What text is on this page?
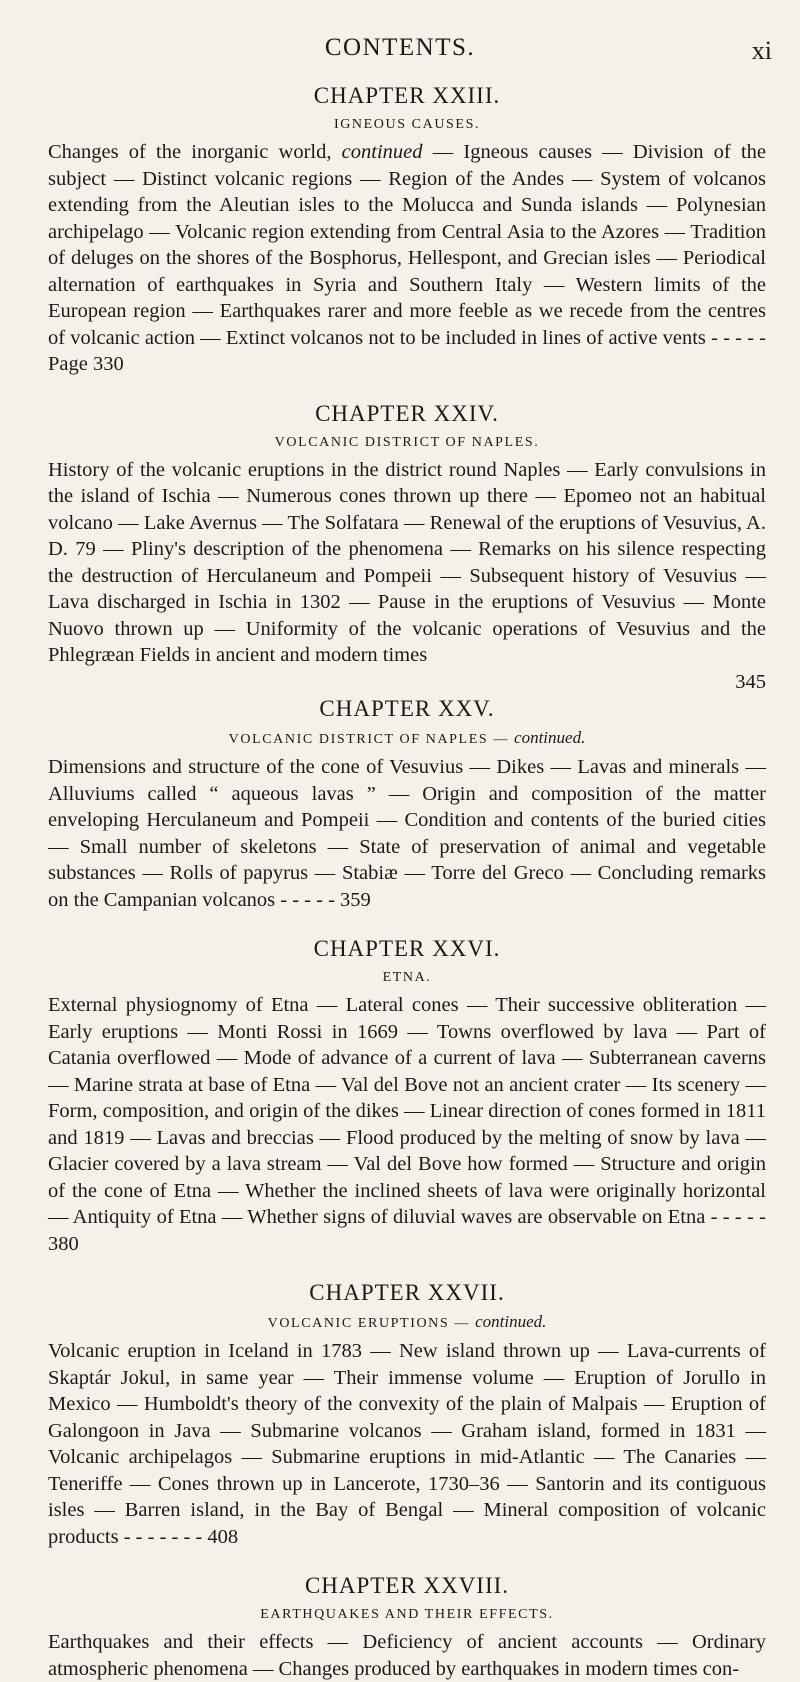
CONTENTS.	xi
CHAPTER XXIII.
IGNEOUS CAUSES.

Changes of the inorganic world, continued — Igneous causes — Division of the subject — Distinct volcanic regions — Region of the Andes — System of volcanos extending from the Aleutian isles to the Molucca and Sunda islands — Polynesian archipelago — Volcanic region extending from Central Asia to the Azores — Tradition of deluges on the shores of the Bosphorus, Hellespont, and Grecian isles — Periodical alternation of earthquakes in Syria and Southern Italy — Western limits of the European region — Earthquakes rarer and more feeble as we recede from the centres of volcanic action — Extinct volcanos not to be included in lines of active vents - - - - - Page 330

CHAPTER XXIV.
VOLCANIC DISTRICT OF NAPLES.

History of the volcanic eruptions in the district round Naples — Early convulsions in the island of Ischia — Numerous cones thrown up there — Epomeo not an habitual volcano — Lake Avernus — The Solfatara — Renewal of the eruptions of Vesuvius, A. D. 79 — Pliny's description of the phenomena — Remarks on his silence respecting the destruction of Herculaneum and Pompeii — Subsequent history of Vesuvius — Lava discharged in Ischia in 1302 — Pause in the eruptions of Vesuvius — Monte Nuovo thrown up — Uniformity of the volcanic operations of Vesuvius and the Phlegræan Fields in ancient and modern times
345

CHAPTER XXV.
VOLCANIC DISTRICT OF NAPLES — continued.

Dimensions and structure of the cone of Vesuvius — Dikes — Lavas and minerals — Alluviums called “ aqueous lavas ” — Origin and composition of the matter enveloping Herculaneum and Pompeii — Condition and contents of the buried cities — Small number of skeletons — State of preservation of animal and vegetable substances — Rolls of papyrus — Stabiæ — Torre del Greco — Concluding remarks on the Campanian volcanos - - - - - 359

CHAPTER XXVI.
ETNA.

External physiognomy of Etna — Lateral cones — Their successive obliteration — Early eruptions — Monti Rossi in 1669 — Towns overflowed by lava — Part of Catania overflowed — Mode of advance of a current of lava — Subterranean caverns — Marine strata at base of Etna — Val del Bove not an ancient crater — Its scenery — Form, composition, and origin of the dikes — Linear direction of cones formed in 1811 and 1819 — Lavas and breccias — Flood produced by the melting of snow by lava — Glacier covered by a lava stream — Val del Bove how formed — Structure and origin of the cone of Etna — Whether the inclined sheets of lava were originally horizontal — Antiquity of Etna — Whether signs of diluvial waves are observable on Etna - - - - - 380

CHAPTER XXVII.
VOLCANIC ERUPTIONS — continued.

Volcanic eruption in Iceland in 1783 — New island thrown up — Lava-currents of Skaptár Jokul, in same year — Their immense volume — Eruption of Jorullo in Mexico — Humboldt's theory of the convexity of the plain of Malpais — Eruption of Galongoon in Java — Submarine volcanos — Graham island, formed in 1831 — Volcanic archipelagos — Submarine eruptions in mid-Atlantic — The Canaries — Teneriffe — Cones thrown up in Lancerote, 1730–36 — Santorin and its contiguous isles — Barren island, in the Bay of Bengal — Mineral composition of volcanic products - - - - - - - 408

CHAPTER XXVIII.
EARTHQUAKES AND THEIR EFFECTS.

Earthquakes and their effects — Deficiency of ancient accounts — Ordinary atmospheric phenomena — Changes produced by earthquakes in modern times con-
